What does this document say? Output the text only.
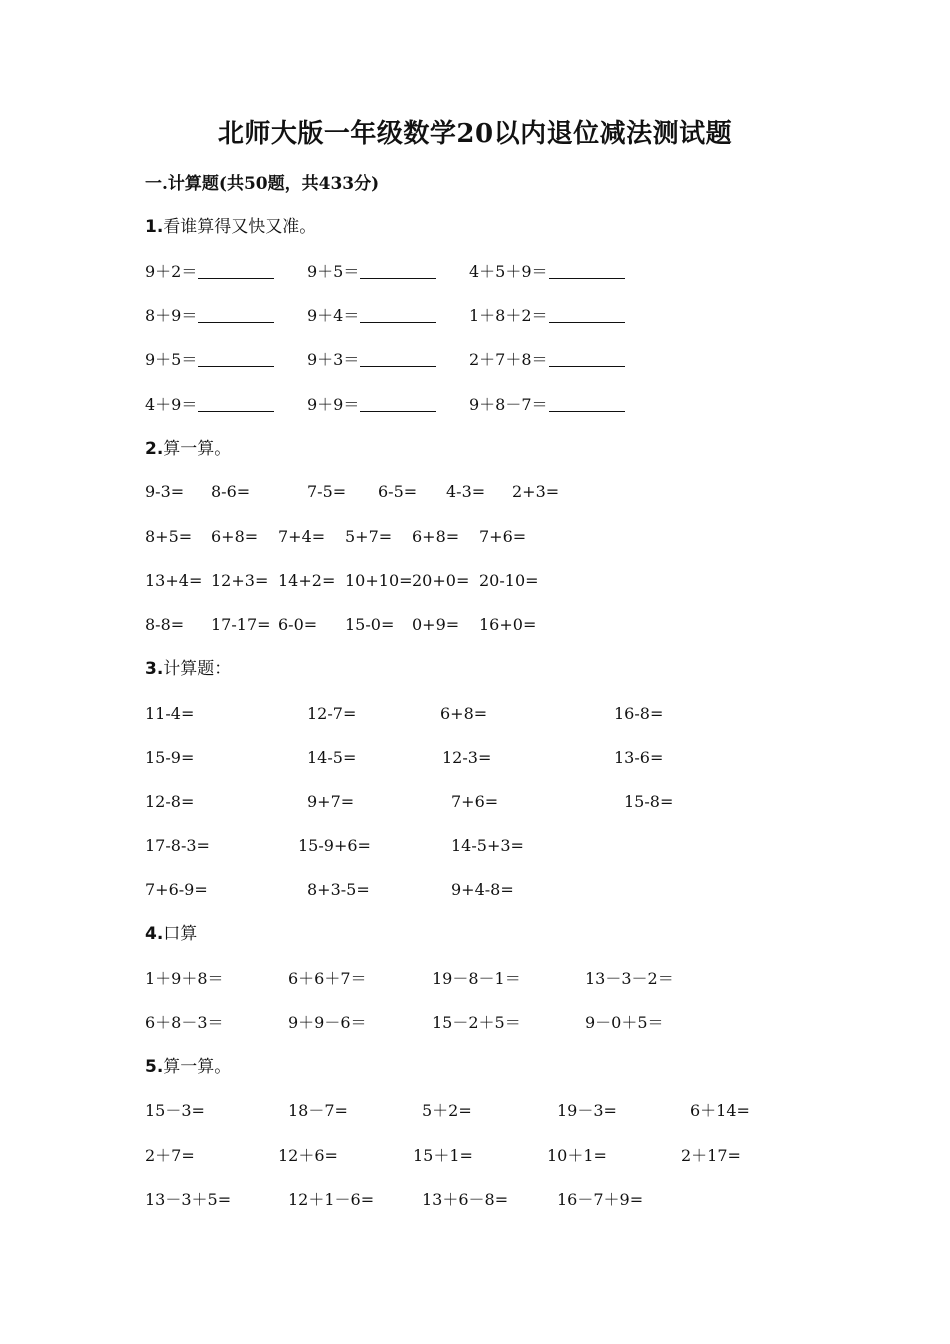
北师大版一年级数学20以内退位减法测试题
一.计算题(共50题，共433分)
1.看谁算得又快又准。
9＋2＝	9＋5＝	4＋5＋9＝
8＋9＝	9＋4＝	1＋8＋2＝
9＋5＝	9＋3＝	2＋7＋8＝
4＋9＝	9＋9＝	9＋8－7＝
2.算一算。
9-3= 8-6=	7-5= 6-5= 4-3= 2+3=
8+5= 6+8= 7+4= 5+7= 6+8= 7+6=
13+4= 12+3= 14+2= 10+10= 20+0= 20-10=
8-8= 17-17= 6-0= 15-0= 0+9= 16+0=
3.计算题：
11-4=	12-7=	6+8=	16-8=
15-9=	14-5=	12-3=	13-6=
12-8=	9+7=	7+6=	15-8=
17-8-3=	15-9+6=	14-5+3=
7+6-9=	8+3-5=	9+4-8=
4.口算
1＋9＋8＝	6＋6＋7＝	19－8－1＝	13－3－2＝
6＋8－3＝	9＋9－6＝	15－2＋5＝	9－0＋5＝
5.算一算。
15－3=	18－7=	5＋2=	19－3=	6＋14=
2＋7=	12＋6=	15＋1=	10＋1=	2＋17=
13－3＋5=	12＋1－6=	13＋6－8=	16－7＋9=
